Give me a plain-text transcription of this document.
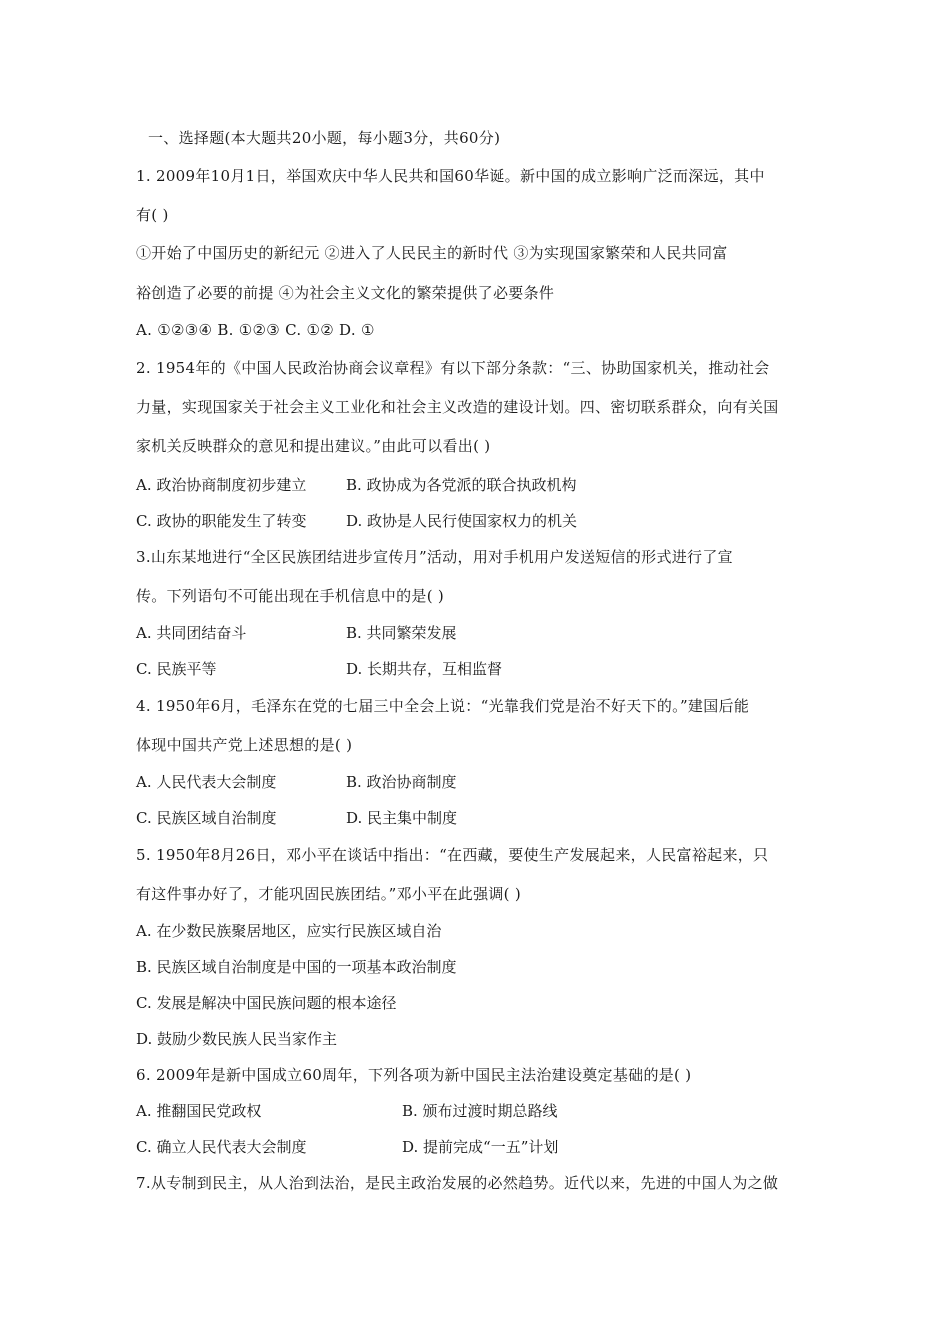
一、选择题(本大题共20小题，每小题3分，共60分)
1. 2009年10月1日，举国欢庆中华人民共和国60华诞。新中国的成立影响广泛而深远，其中
有( )
①开始了中国历史的新纪元 ②进入了人民民主的新时代 ③为实现国家繁荣和人民共同富
裕创造了必要的前提 ④为社会主义文化的繁荣提供了必要条件
A. ①②③④ B. ①②③ C. ①② D. ①
2. 1954年的《中国人民政治协商会议章程》有以下部分条款：“三、协助国家机关，推动社会
力量，实现国家关于社会主义工业化和社会主义改造的建设计划。四、密切联系群众，向有关国
家机关反映群众的意见和提出建议。”由此可以看出( )
A. 政治协商制度初步建立	B. 政协成为各党派的联合执政机构
C. 政协的职能发生了转变	D. 政协是人民行使国家权力的机关
3.山东某地进行“全区民族团结进步宣传月”活动，用对手机用户发送短信的形式进行了宣
传。下列语句不可能出现在手机信息中的是( )
A. 共同团结奋斗	B. 共同繁荣发展
C. 民族平等	D. 长期共存，互相监督
4. 1950年6月，毛泽东在党的七届三中全会上说：“光靠我们党是治不好天下的。”建国后能
体现中国共产党上述思想的是( )
A. 人民代表大会制度	B. 政治协商制度
C. 民族区域自治制度	D. 民主集中制度
5. 1950年8月26日，邓小平在谈话中指出：“在西藏，要使生产发展起来，人民富裕起来，只
有这件事办好了，才能巩固民族团结。”邓小平在此强调( )
A. 在少数民族聚居地区，应实行民族区域自治
B. 民族区域自治制度是中国的一项基本政治制度
C. 发展是解决中国民族问题的根本途径
D. 鼓励少数民族人民当家作主
6. 2009年是新中国成立60周年，下列各项为新中国民主法治建设奠定基础的是( )
A. 推翻国民党政权	B. 颁布过渡时期总路线
C. 确立人民代表大会制度	D. 提前完成“一五”计划
7.从专制到民主，从人治到法治，是民主政治发展的必然趋势。近代以来，先进的中国人为之做
